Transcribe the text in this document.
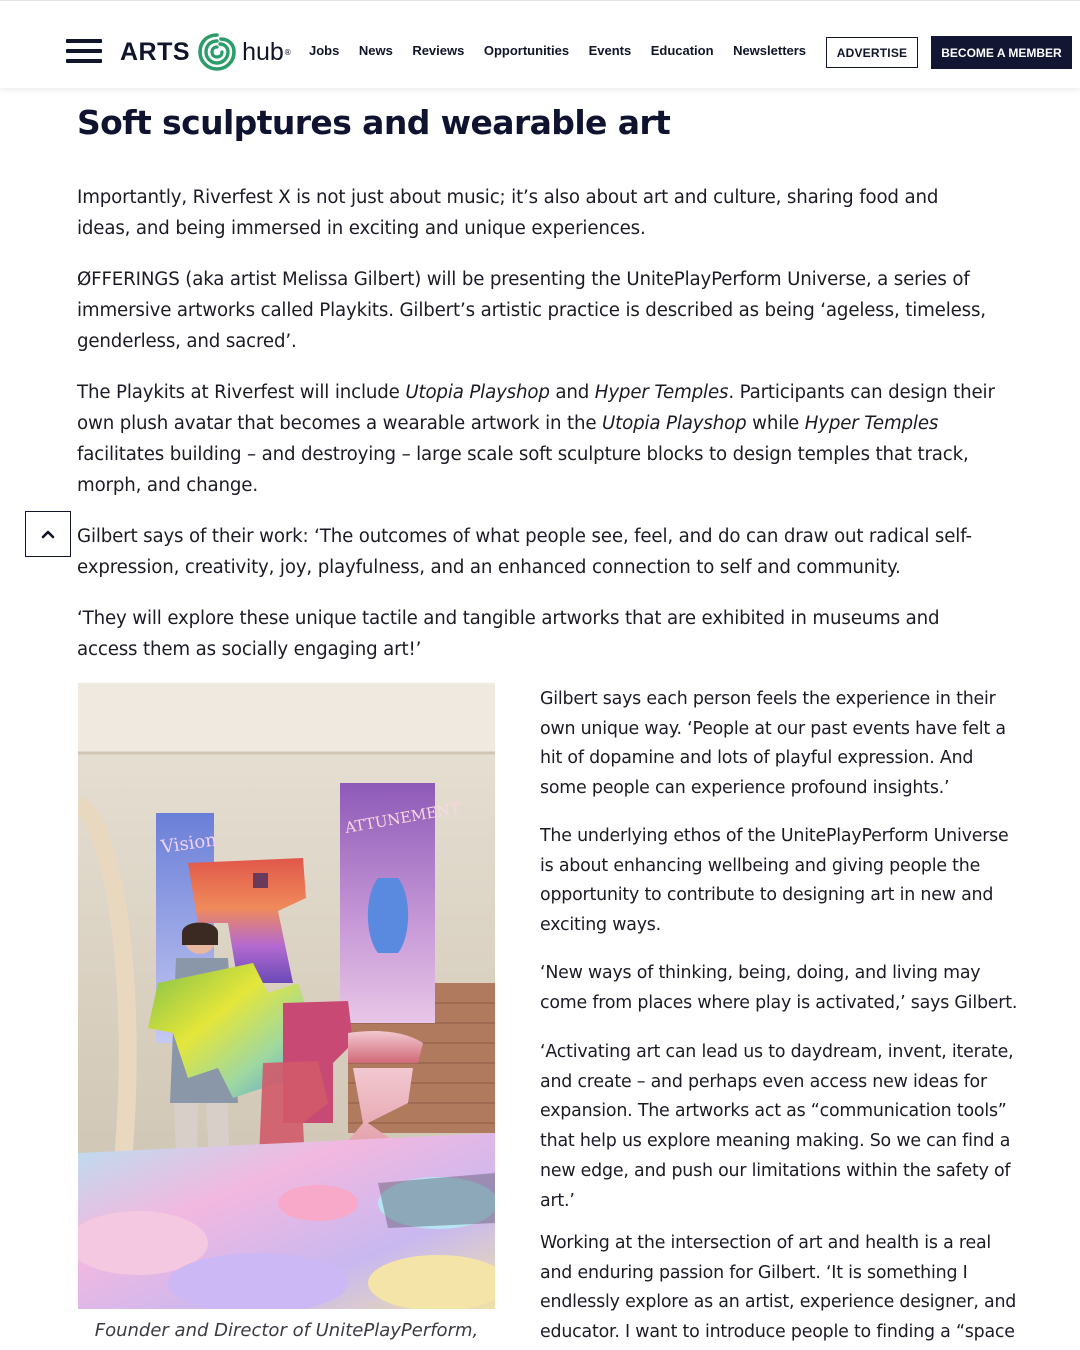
ARTS hub ® Jobs News Reviews Opportunities Events Education Newsletters	ADVERTISE	BECOME A MEMBER
Soft sculptures and wearable art

Importantly, Riverfest X is not just about music; it’s also about art and culture, sharing food and ideas, and being immersed in exciting and unique experiences.

ØFFERINGS (aka artist Melissa Gilbert) will be presenting the UnitePlayPerform Universe, a series of immersive artworks called Playkits. Gilbert’s artistic practice is described as being ‘ageless, timeless, genderless, and sacred’.

The Playkits at Riverfest will include Utopia Playshop and Hyper Temples. Participants can design their own plush avatar that becomes a wearable artwork in the Utopia Playshop while Hyper Temples facilitates building – and destroying – large scale soft sculpture blocks to design temples that track, morph, and change.

Gilbert says of their work: ‘The outcomes of what people see, feel, and do can draw out radical self-expression, creativity, joy, playfulness, and an enhanced connection to self and community.

‘They will explore these unique tactile and tangible artworks that are exhibited in museums and access them as socially engaging art!’

Vision
ATTUNEMENT
Founder and Director of UnitePlayPerform,

Gilbert says each person feels the experience in their own unique way. ‘People at our past events have felt a hit of dopamine and lots of playful expression. And some people can experience profound insights.’

The underlying ethos of the UnitePlayPerform Universe is about enhancing wellbeing and giving people the opportunity to contribute to designing art in new and exciting ways.

‘New ways of thinking, being, doing, and living may come from places where play is activated,’ says Gilbert.

‘Activating art can lead us to daydream, invent, iterate, and create – and perhaps even access new ideas for expansion. The artworks act as “communication tools” that help us explore meaning making. So we can find a new edge, and push our limitations within the safety of art.’

Working at the intersection of art and health is a real and enduring passion for Gilbert. ‘It is something I endlessly explore as an artist, experience designer, and educator. I want to introduce people to finding a “space
